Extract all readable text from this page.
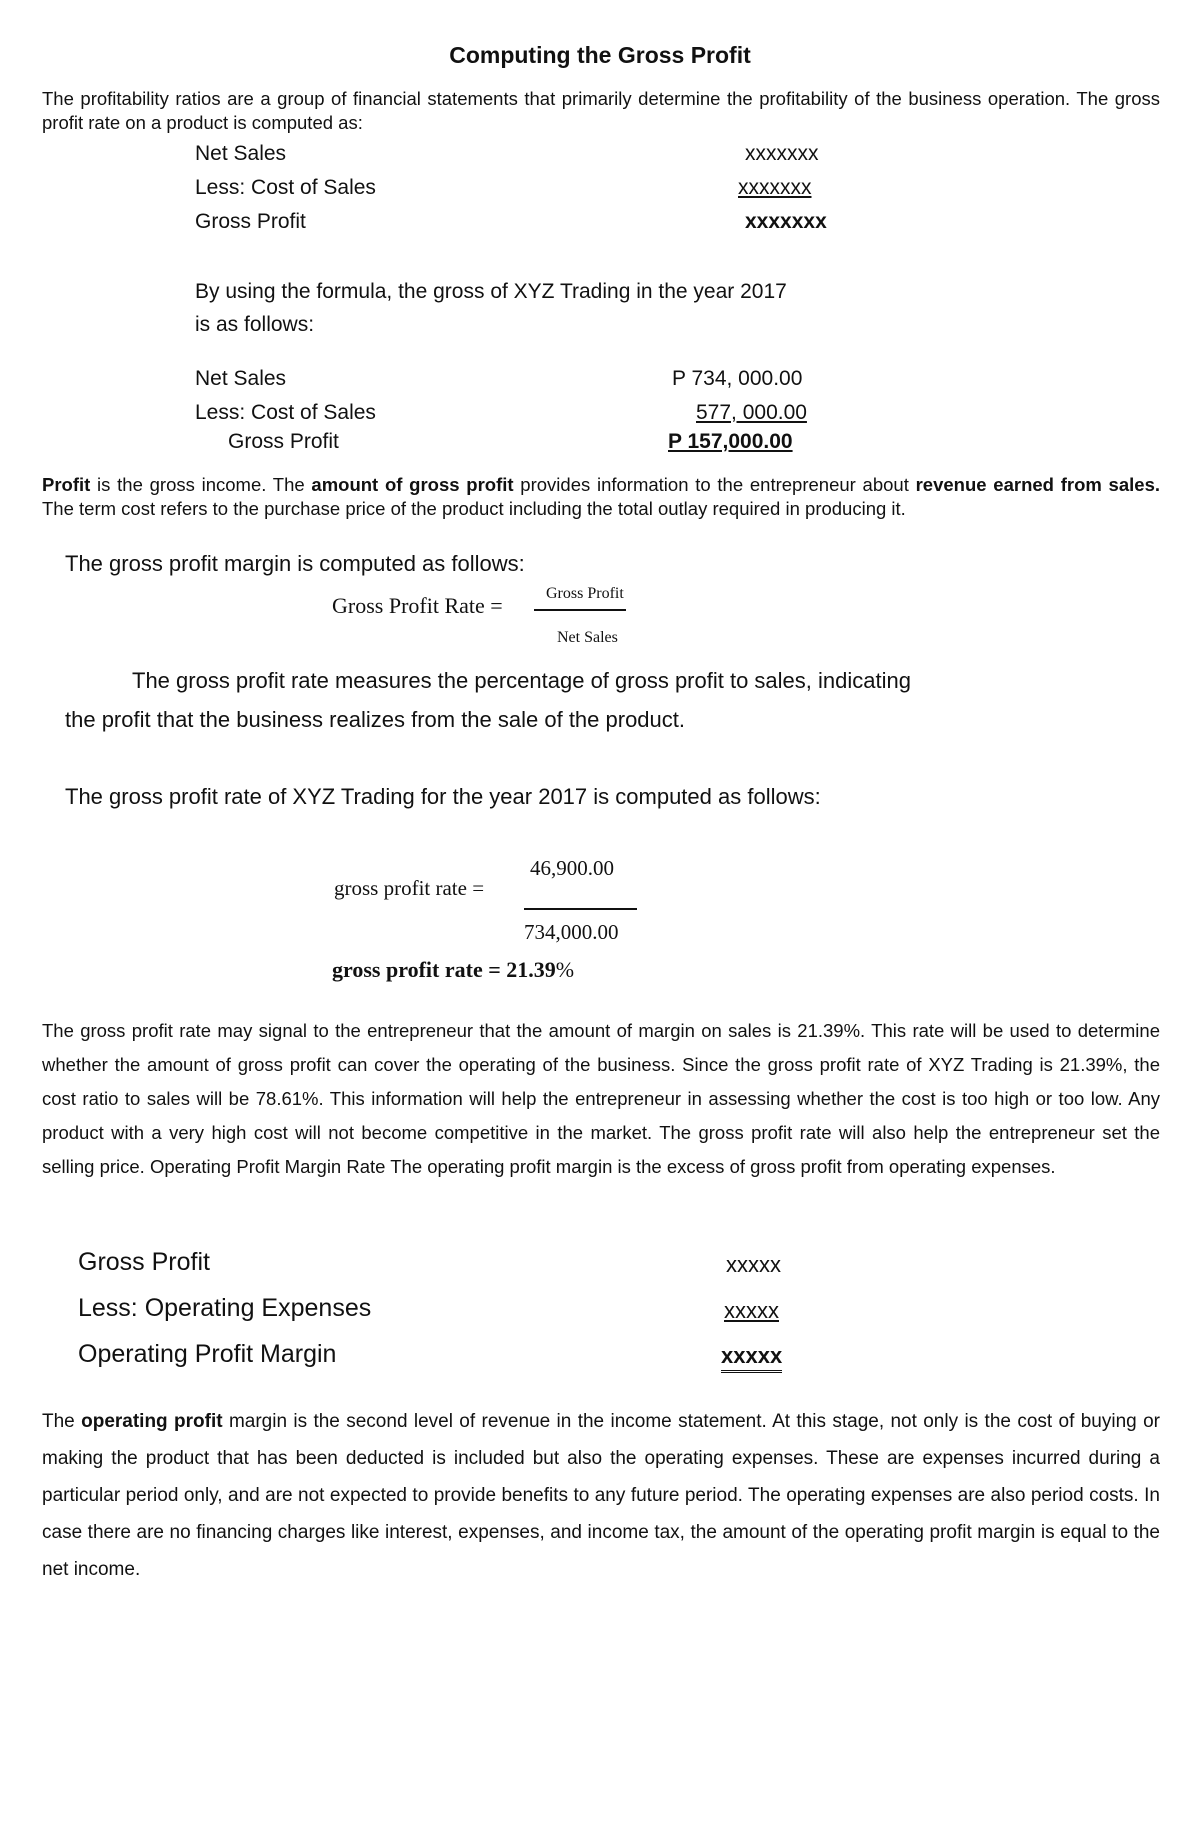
Computing the Gross Profit
The profitability ratios are a group of financial statements that primarily determine the profitability of the business operation. The gross profit rate on a product is computed as:
Net Sales	xxxxxxx
Less: Cost of Sales	xxxxxxx
Gross Profit	xxxxxxx
By using the formula, the gross of XYZ Trading in the year 2017
is as follows:
Net Sales	P 734, 000.00
Less: Cost of Sales	577, 000.00
Gross Profit	P 157,000.00
Profit is the gross income. The amount of gross profit provides information to the entrepreneur about revenue earned from sales. The term cost refers to the purchase price of the product including the total outlay required in producing it.
The gross profit margin is computed as follows:
Gross Profit Rate =	Gross Profit
Net Sales
The gross profit rate measures the percentage of gross profit to sales, indicating
the profit that the business realizes from the sale of the product.
The gross profit rate of XYZ Trading for the year 2017 is computed as follows:
gross profit rate =
46,900.00
734,000.00
gross profit rate = 21.39%
The gross profit rate may signal to the entrepreneur that the amount of margin on sales is 21.39%. This rate will be used to determine whether the amount of gross profit can cover the operating of the business. Since the gross profit rate of XYZ Trading is 21.39%, the cost ratio to sales will be 78.61%. This information will help the entrepreneur in assessing whether the cost is too high or too low. Any product with a very high cost will not become competitive in the market. The gross profit rate will also help the entrepreneur set the selling price. Operating Profit Margin Rate The operating profit margin is the excess of gross profit from operating expenses.
Gross Profit	xxxxx
Less: Operating Expenses	xxxxx
Operating Profit Margin	xxxxx
The operating profit margin is the second level of revenue in the income statement. At this stage, not only is the cost of buying or making the product that has been deducted is included but also the operating expenses. These are expenses incurred during a particular period only, and are not expected to provide benefits to any future period. The operating expenses are also period costs. In case there are no financing charges like interest, expenses, and income tax, the amount of the operating profit margin is equal to the net income.
